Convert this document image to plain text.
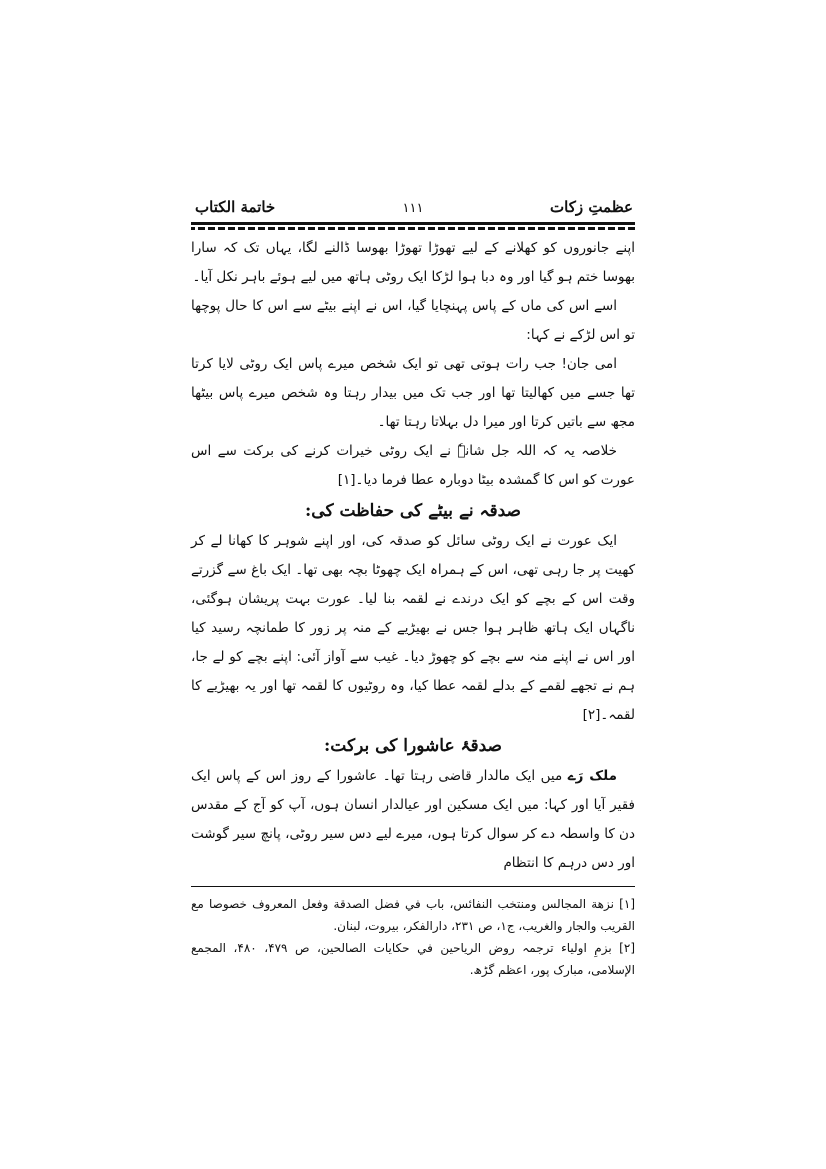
عظمتِ زکات
۱۱۱
خاتمة الكتاب

اپنے جانوروں کو کھلانے کے لیے تھوڑا تھوڑا بھوسا ڈالنے لگا، یہاں تک کہ سارا بھوسا ختم ہو گیا اور وہ دبا ہوا لڑکا ایک روٹی ہاتھ میں لیے ہوئے باہر نکل آیا۔

اسے اس کی ماں کے پاس پہنچایا گیا، اس نے اپنے بیٹے سے اس کا حال پوچھا تو اس لڑکے نے کہا:

امی جان! جب رات ہوتی تھی تو ایک شخص میرے پاس ایک روٹی لایا کرتا تھا جسے میں کھالیتا تھا اور جب تک میں بیدار رہتا وہ شخص میرے پاس بیٹھا مجھ سے باتیں کرتا اور میرا دل بہلاتا رہتا تھا۔

خلاصہ یہ کہ اللہ جل شانہٗ نے ایک روٹی خیرات کرنے کی برکت سے اس عورت کو اس کا گمشدہ بیٹا دوبارہ عطا فرما دیا۔[۱]

صدقہ نے بیٹے کی حفاظت کی:

ایک عورت نے ایک روٹی سائل کو صدقہ کی، اور اپنے شوہر کا کھانا لے کر کھیت پر جا رہی تھی، اس کے ہمراہ ایک چھوٹا بچہ بھی تھا۔ ایک باغ سے گزرتے وقت اس کے بچے کو ایک درندے نے لقمہ بنا لیا۔ عورت بہت پریشان ہوگئی، ناگہاں ایک ہاتھ ظاہر ہوا جس نے بھیڑیے کے منہ پر زور کا طمانچہ رسید کیا اور اس نے اپنے منہ سے بچے کو چھوڑ دیا۔ غیب سے آواز آئی: اپنے بچے کو لے جا، ہم نے تجھے لقمے کے بدلے لقمہ عطا کیا، وہ روٹیوں کا لقمہ تھا اور یہ بھیڑیے کا لقمہ۔[۲]

صدقۂ عاشورا کی برکت:

ملک رَے میں ایک مالدار قاضی رہتا تھا۔ عاشورا کے روز اس کے پاس ایک فقیر آیا اور کہا: میں ایک مسکین اور عیالدار انسان ہوں، آپ کو آج کے مقدس دن کا واسطہ دے کر سوال کرتا ہوں، میرے لیے دس سیر روٹی، پانچ سیر گوشت اور دس درہم کا انتظام

[۱] نزهة المجالس ومنتخب النفائس، باب في فضل الصدقة وفعل المعروف خصوصا مع القريب والجار والغريب، ج۱، ص ۲۳۱، دارالفكر، بيروت، لبنان.

[۲] بزمِ اولیاء ترجمہ روض الرياحين في حكايات الصالحين، ص ۴۷۹، ۴۸۰، المجمع الإسلامی، مبارک پور، اعظم گڑھ.
